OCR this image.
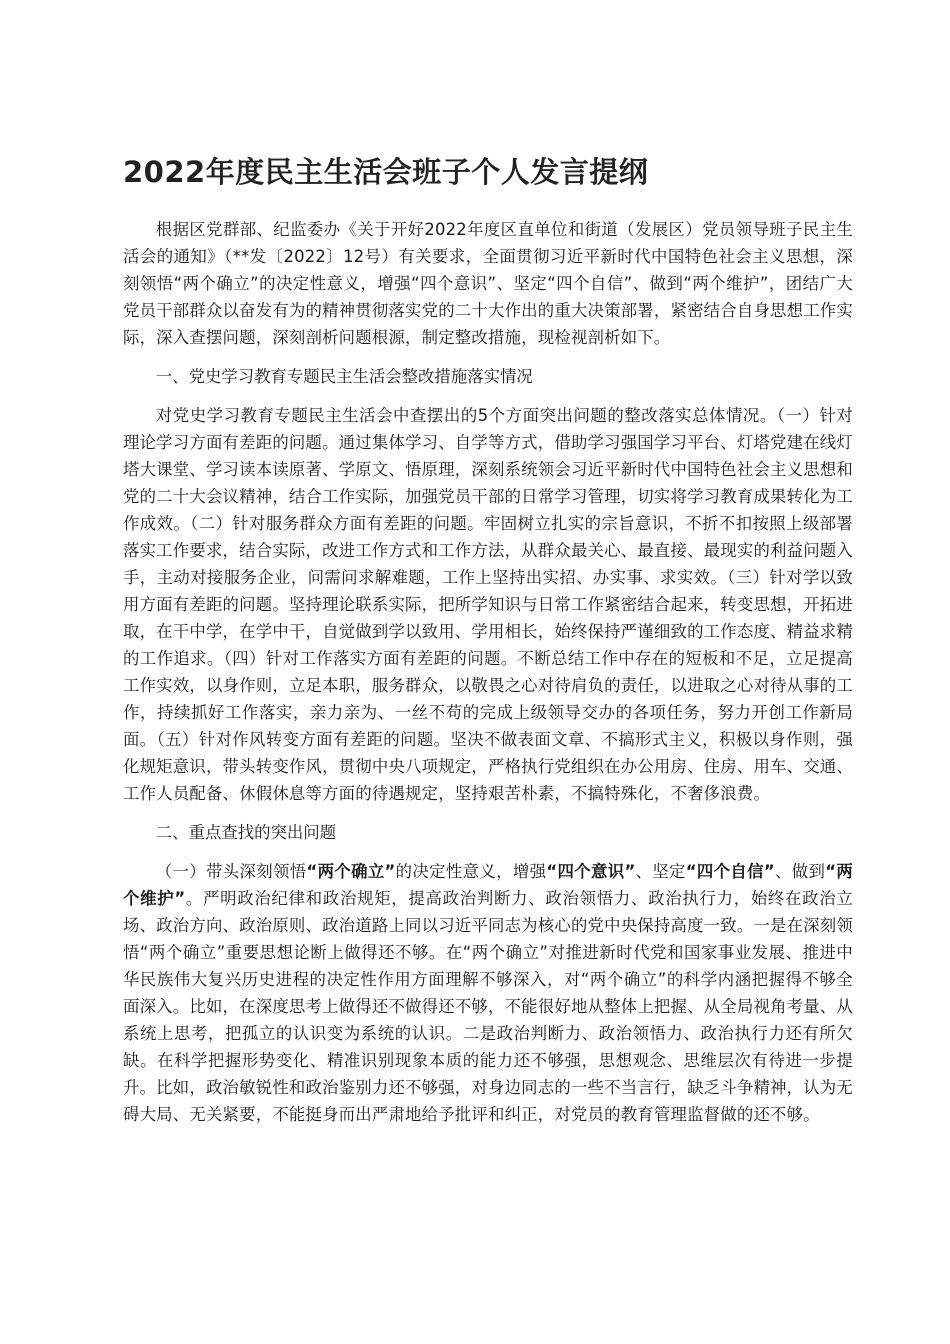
2022年度民主生活会班子个人发言提纲

根据区党群部、纪监委办《关于开好2022年度区直单位和街道（发展区）党员领导班子民主生活会的通知》（**发〔2022〕12号）有关要求，全面贯彻习近平新时代中国特色社会主义思想，深刻领悟“两个确立”的决定性意义，增强“四个意识”、坚定“四个自信”、做到“两个维护”，团结广大党员干部群众以奋发有为的精神贯彻落实党的二十大作出的重大决策部署，紧密结合自身思想工作实际，深入查摆问题，深刻剖析问题根源，制定整改措施，现检视剖析如下。

一、党史学习教育专题民主生活会整改措施落实情况

对党史学习教育专题民主生活会中查摆出的5个方面突出问题的整改落实总体情况。（一）针对理论学习方面有差距的问题。通过集体学习、自学等方式，借助学习强国学习平台、灯塔党建在线灯塔大课堂、学习读本读原著、学原文、悟原理，深刻系统领会习近平新时代中国特色社会主义思想和党的二十大会议精神，结合工作实际，加强党员干部的日常学习管理，切实将学习教育成果转化为工作成效。（二）针对服务群众方面有差距的问题。牢固树立扎实的宗旨意识，不折不扣按照上级部署落实工作要求，结合实际，改进工作方式和工作方法，从群众最关心、最直接、最现实的利益问题入手，主动对接服务企业，问需问求解难题，工作上坚持出实招、办实事、求实效。（三）针对学以致用方面有差距的问题。坚持理论联系实际，把所学知识与日常工作紧密结合起来，转变思想，开拓进取，在干中学，在学中干，自觉做到学以致用、学用相长，始终保持严谨细致的工作态度、精益求精的工作追求。（四）针对工作落实方面有差距的问题。不断总结工作中存在的短板和不足，立足提高工作实效，以身作则，立足本职，服务群众，以敬畏之心对待肩负的责任，以进取之心对待从事的工作，持续抓好工作落实，亲力亲为、一丝不苟的完成上级领导交办的各项任务，努力开创工作新局面。（五）针对作风转变方面有差距的问题。坚决不做表面文章、不搞形式主义，积极以身作则，强化规矩意识，带头转变作风，贯彻中央八项规定，严格执行党组织在办公用房、住房、用车、交通、工作人员配备、休假休息等方面的待遇规定，坚持艰苦朴素，不搞特殊化，不奢侈浪费。

二、重点查找的突出问题

（一）带头深刻领悟“两个确立”的决定性意义，增强“四个意识”、坚定“四个自信”、做到“两个维护”。严明政治纪律和政治规矩，提高政治判断力、政治领悟力、政治执行力，始终在政治立场、政治方向、政治原则、政治道路上同以习近平同志为核心的党中央保持高度一致。一是在深刻领悟“两个确立”重要思想论断上做得还不够。在“两个确立”对推进新时代党和国家事业发展、推进中华民族伟大复兴历史进程的决定性作用方面理解不够深入，对“两个确立”的科学内涵把握得不够全面深入。比如，在深度思考上做得还不做得还不够，不能很好地从整体上把握、从全局视角考量、从系统上思考，把孤立的认识变为系统的认识。二是政治判断力、政治领悟力、政治执行力还有所欠缺。在科学把握形势变化、精准识别现象本质的能力还不够强，思想观念、思维层次有待进一步提升。比如，政治敏锐性和政治鉴别力还不够强，对身边同志的一些不当言行，缺乏斗争精神，认为无碍大局、无关紧要，不能挺身而出严肃地给予批评和纠正，对党员的教育管理监督做的还不够。
